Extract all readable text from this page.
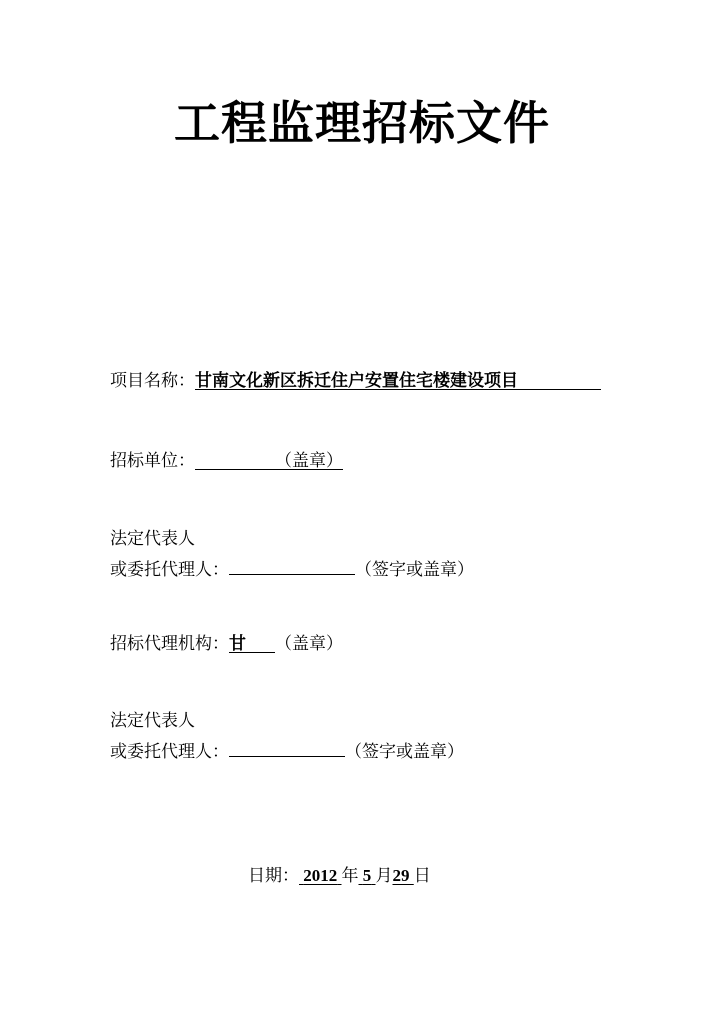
工程监理招标文件
项目名称：甘南文化新区拆迁住户安置住宅楼建设项目
招标单位：	（盖章）
法定代表人
或委托代理人：	（签字或盖章）
招标代理机构：甘 （盖章）
法定代表人
或委托代理人：	（签字或盖章）
日期： 2012 年 5 月29 日
